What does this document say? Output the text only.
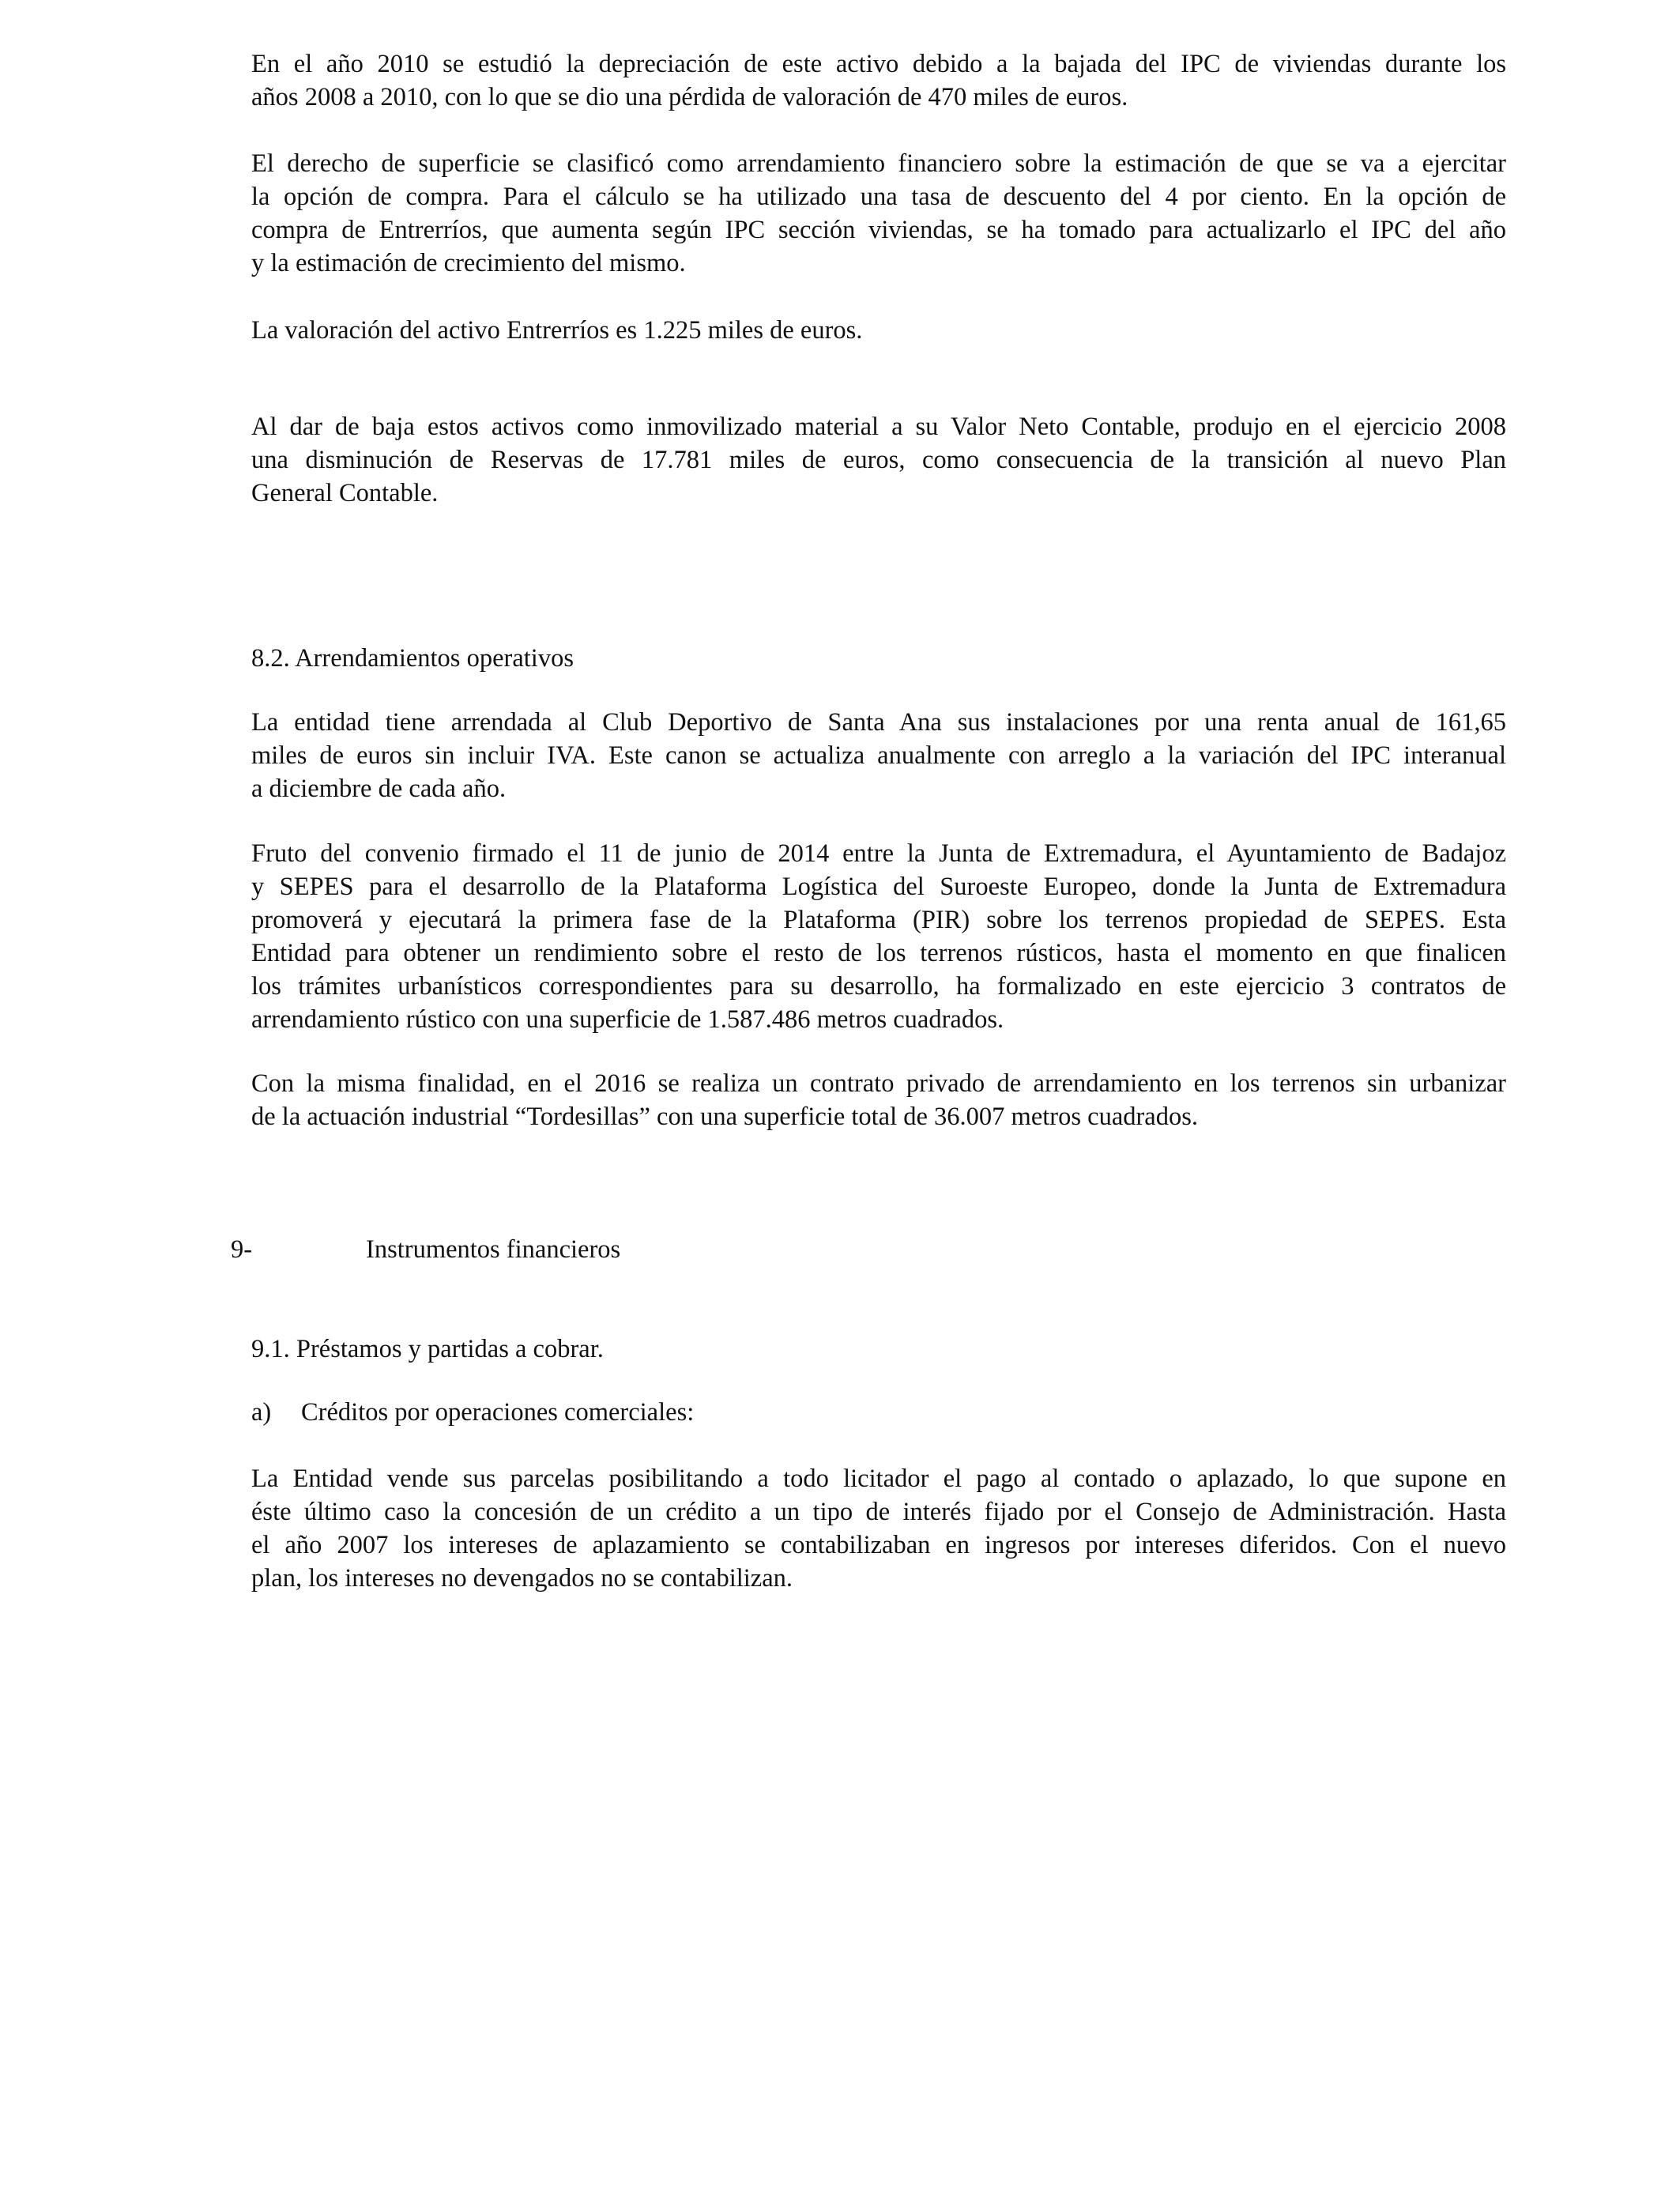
En el año 2010 se estudió la depreciación de este activo debido a la bajada del IPC de viviendas durante los
años 2008 a 2010, con lo que se dio una pérdida de valoración de 470 miles de euros.
El derecho de superficie se clasificó como arrendamiento financiero sobre la estimación de que se va a ejercitar
la opción de compra. Para el cálculo se ha utilizado una tasa de descuento del 4 por ciento. En la opción de
compra de Entrerríos, que aumenta según IPC sección viviendas, se ha tomado para actualizarlo el IPC del año
y la estimación de crecimiento del mismo.
La valoración del activo Entrerríos es 1.225 miles de euros.
Al dar de baja estos activos como inmovilizado material a su Valor Neto Contable, produjo en el ejercicio 2008
una disminución de Reservas de 17.781 miles de euros, como consecuencia de la transición al nuevo Plan
General Contable.
8.2. Arrendamientos operativos
La entidad tiene arrendada al Club Deportivo de Santa Ana sus instalaciones por una renta anual de 161,65
miles de euros sin incluir IVA. Este canon se actualiza anualmente con arreglo a la variación del IPC interanual
a diciembre de cada año.
Fruto del convenio firmado el 11 de junio de 2014 entre la Junta de Extremadura, el Ayuntamiento de Badajoz
y SEPES para el desarrollo de la Plataforma Logística del Suroeste Europeo, donde la Junta de Extremadura
promoverá y ejecutará la primera fase de la Plataforma (PIR) sobre los terrenos propiedad de SEPES. Esta
Entidad para obtener un rendimiento sobre el resto de los terrenos rústicos, hasta el momento en que finalicen
los trámites urbanísticos correspondientes para su desarrollo, ha formalizado en este ejercicio 3 contratos de
arrendamiento rústico con una superficie de 1.587.486 metros cuadrados.
Con la misma finalidad, en el 2016 se realiza un contrato privado de arrendamiento en los terrenos sin urbanizar
de la actuación industrial “Tordesillas” con una superficie total de 36.007 metros cuadrados.
9-	Instrumentos financieros
9.1. Préstamos y partidas a cobrar.
a) Créditos por operaciones comerciales:
La Entidad vende sus parcelas posibilitando a todo licitador el pago al contado o aplazado, lo que supone en
éste último caso la concesión de un crédito a un tipo de interés fijado por el Consejo de Administración. Hasta
el año 2007 los intereses de aplazamiento se contabilizaban en ingresos por intereses diferidos. Con el nuevo
plan, los intereses no devengados no se contabilizan.
